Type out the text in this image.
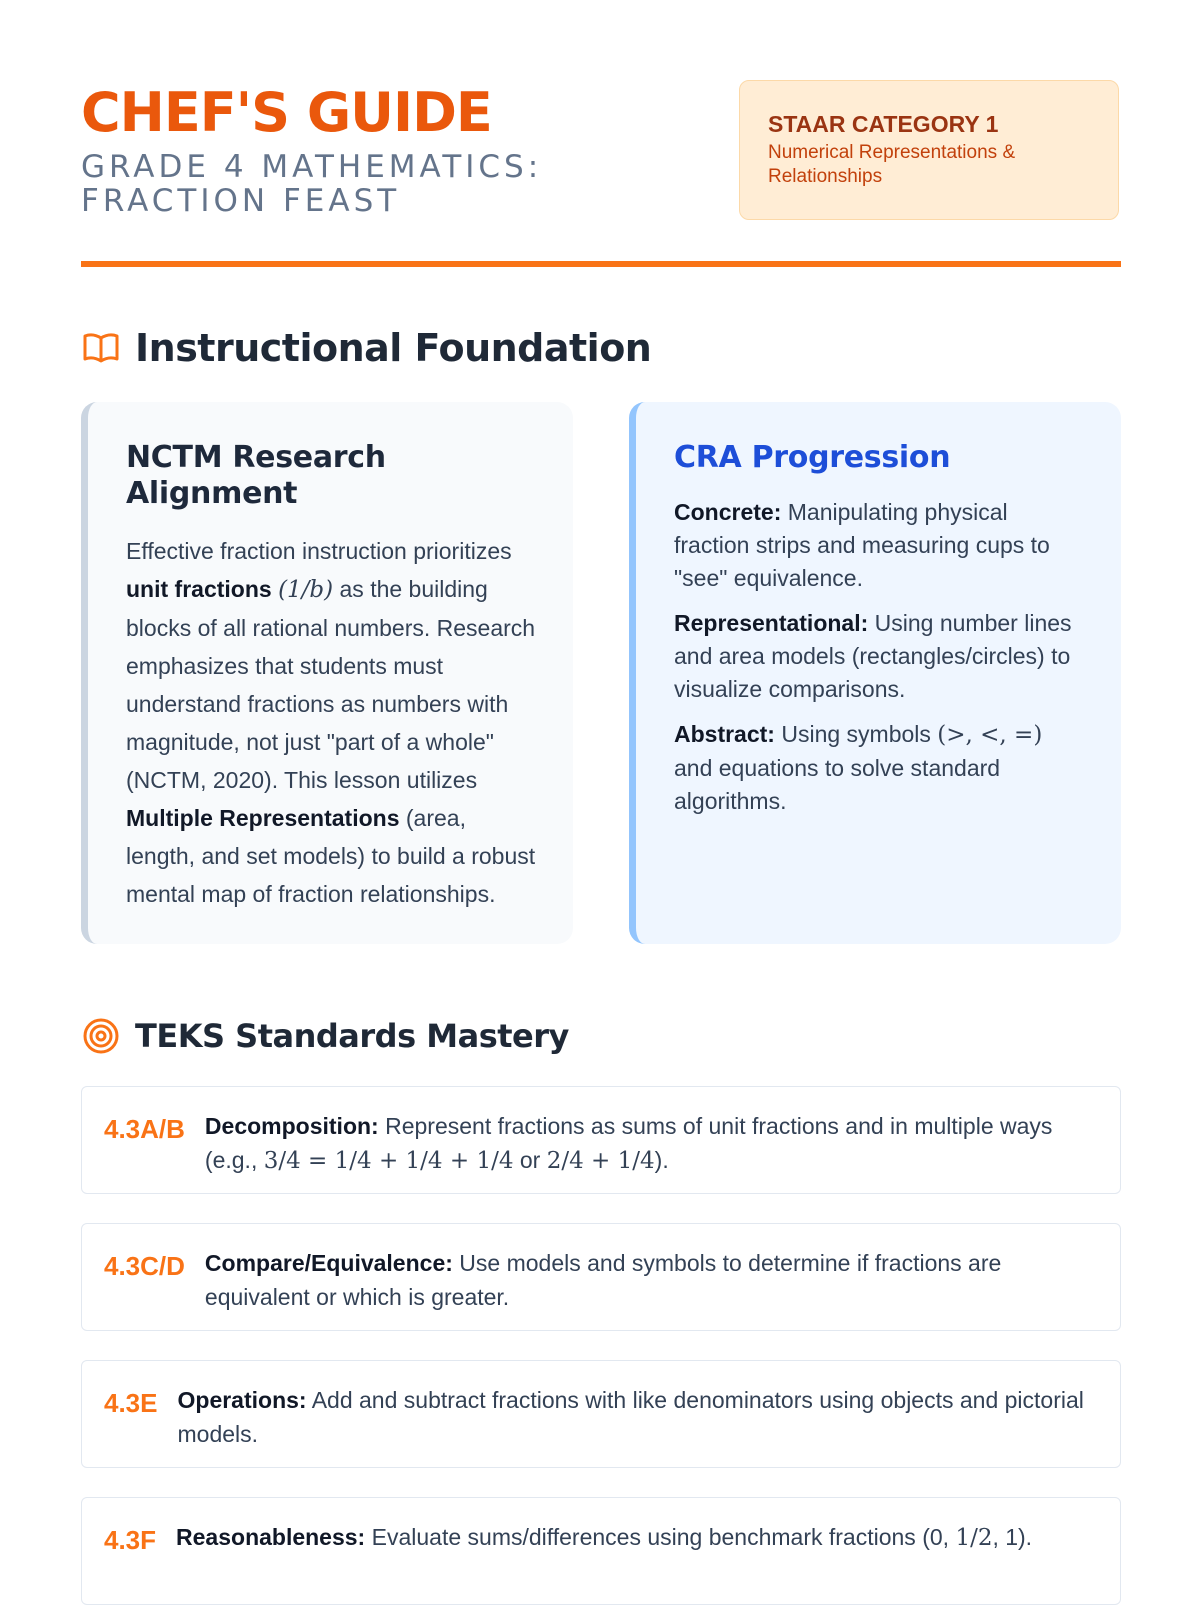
CHEF'S GUIDE
GRADE 4 MATHEMATICS: FRACTION FEAST
STAAR CATEGORY 1
Numerical Representations & Relationships
Instructional Foundation
NCTM Research Alignment

Effective fraction instruction prioritizes unit fractions (1/b) as the building blocks of all rational numbers. Research emphasizes that students must understand fractions as numbers with magnitude, not just "part of a whole" (NCTM, 2020). This lesson utilizes Multiple Representations (area, length, and set models) to build a robust mental map of fraction relationships.

CRA Progression

Concrete: Manipulating physical fraction strips and measuring cups to "see" equivalence.

Representational: Using number lines and area models (rectangles/circles) to visualize comparisons.

Abstract: Using symbols (>, <, =) and equations to solve standard algorithms.

TEKS Standards Mastery
4.3A/B Decomposition: Represent fractions as sums of unit fractions and in multiple ways (e.g., 3/4 = 1/4 + 1/4 + 1/4 or 2/4 + 1/4).
4.3C/D Compare/Equivalence: Use models and symbols to determine if fractions are equivalent or which is greater.
4.3E Operations: Add and subtract fractions with like denominators using objects and pictorial models.
4.3F Reasonableness: Evaluate sums/differences using benchmark fractions (0, 1/2, 1).
